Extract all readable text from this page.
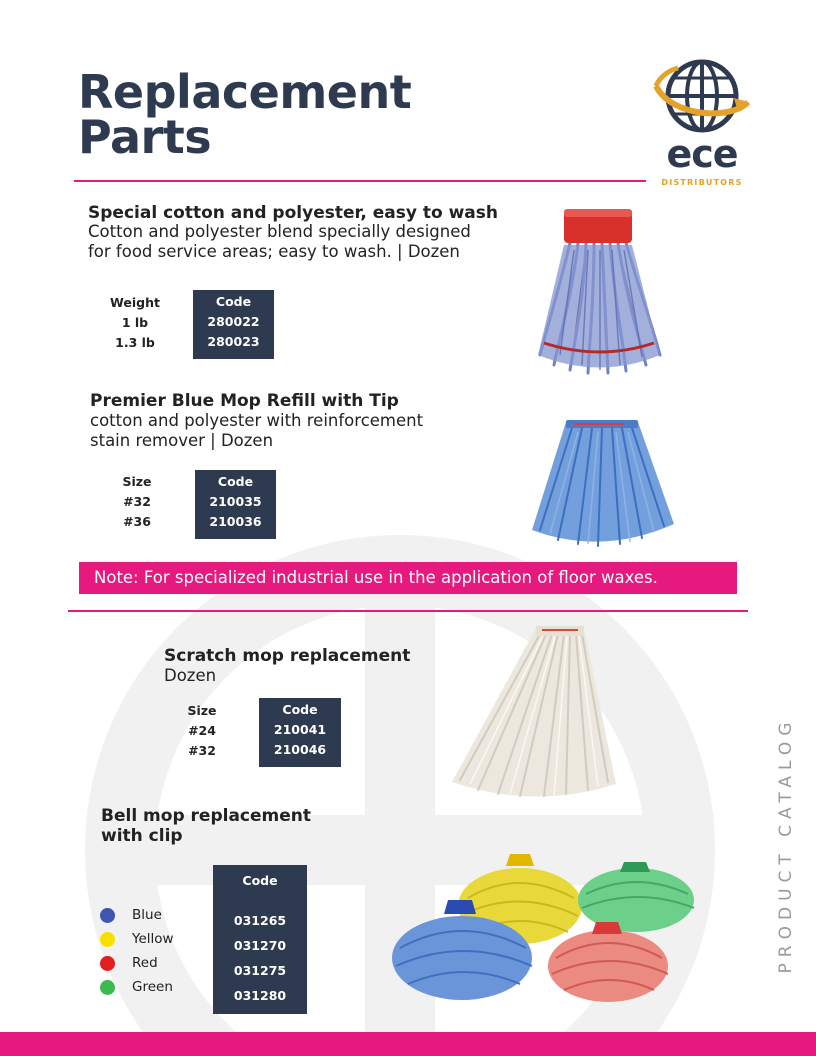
Replacement
Parts	ece
DISTRIBUTORS
Special cotton and polyester, easy to wash
Cotton and polyester blend specially designed
for food service areas; easy to wash. | Dozen
Weight
1 lb
1.3 lb
Code
280022
280023
Premier Blue Mop Refill with Tip
cotton and polyester with reinforcement
stain remover | Dozen
Size
#32
#36
Code
210035
210036
Note: For specialized industrial use in the application of floor waxes.
Scratch mop replacement
Dozen
Size
#24
#32
Code
210041
210046
Bell mop replacement
with clip
Code
031265
031270
031275
031280
Blue
Yellow
Red
Green
PRODUCT CATALOG
